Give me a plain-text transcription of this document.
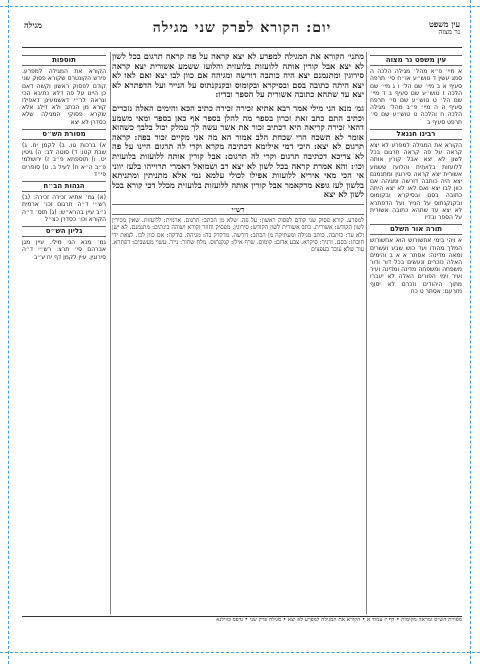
עין משפט
נר מצוה
יום: הקורא לפרק שני מגילה
מגילה
עין משפט נר מצוה
א מיי׳ פ״א מהל׳ מגילה הלכה ה סמג עשין ד טוש״ע או״ח סי׳ תרפה סעיף א ב מיי׳ שם הל׳ ו ג מיי׳ שם הלכה ז טוש״ע שם סעיף ב ד מיי׳ שם הל׳ ט טוש״ע שם סי׳ תרפח סעיף ה ה מיי׳ פ״ב מהל׳ מגילה הלכה ח והלכה ט טוש״ע שם סי׳ תרפט סעיף ב
רבינו חננאל
הקורא את המגילה למפרע לא יצא קראה על פה קראה תרגום בכל לשון לא יצא אבל קורין אותה ללועזות בלועזית והלועז ששמע אשורית יצא קראה סירוגין ומתנמנם יצא היה כותבה דורשה ומגיהה אם כוון לבו יצא ואם לאו לא יצא היתה כתובה בסם ובסיקרא ובקומוס ובקנקנתוס על הנייר ועל הדפתרא לא יצא עד שתהא כתובה אשורית על הספר ובדיו
תורה אור השלם
א ויהי בימי אחשורוש הוא אחשורוש המלך מהודו ועד כוש שבע ועשרים ומאה מדינה: אסתר א א ב והימים האלה נזכרים ונעשים בכל דור ודור משפחה ומשפחה מדינה ומדינה ועיר ועיר וימי הפורים האלה לא יעברו מתוך היהודים וזכרם לא יסוף מזרעם: אסתר ט כח
מתני׳ הקורא את המגילה למפרע לא יצא קראה על פה קראה תרגום בכל לשון לא יצא אבל קורין אותה ללועזות בלועזית והלועז ששמע אשורית יצא קראה סירוגין ומתנמנם יצא היה כותבה דורשה ומגיהה אם כוון לבו יצא ואם לאו לא יצא היתה כתובה בסם ובסיקרא ובקומוס ובקנקנתוס על הנייר ועל הדפתרא לא יצא עד שתהא כתובה אשורית על הספר ובדיו:
גמ׳ מנא הני מילי אמר רבא אתיא זכירה זכירה כתיב הכא והימים האלה נזכרים וכתיב התם כתב זאת זכרון בספר מה להלן בספר אף כאן בספר ומאי משמע דהאי זכירה קריאה היא דכתיב זכור את אשר עשה לך עמלק יכול בלבך כשהוא אומר לא תשכח הרי שכחת הלב אמור הא מה אני מקיים זכור בפה: קראה תרגום לא יצא: היכי דמי אילימא דכתיבה מקרא וקרי לה תרגום היינו על פה לא צריכא דכתיבה תרגום וקרי לה תרגום: אבל קורין אותה ללועזות בלועזית וכו׳: והא אמרת קראה בכל לשון לא יצא רב ושמואל דאמרי תרוייהו בלעז יווני אי הכי מאי איריא ללועזות אפילו לכולי עלמא נמי אלא מתניתין ומתניתא בלשון לעז גופא מדקאמר אבל קורין אותה ללועזות בלועזית מכלל דכי קורא בכל לשון לא יצא
רש״י
למפרע. קורא פסוק שני קודם לפסוק ראשון: על פה. שלא מן הכתב: תרגום. ארמית: ללועזות. שאין מכירין לשון הקודש: אשורית. כתב אשורית לשון הקודש: סירוגין. מפסיק וחוזר וקורא ושוהה בינתים: מתנמנם. לא ישן ולא ער: כותבה. כותב מגילה ומעתיקה מן הכתב: דורשה. מדקדק בה: מגיהה. בודקה: אם כוון לבו. לצאת ידי חובתו: בסם. זרניך: סיקרא. צבע אדום: קומוס. שרף אילן: קנקנתוס. מלח שחור: נייר. עשוי מעשבים: דפתרא. עור שלא עובד בעפצים
תוספות
הקורא את המגילה למפרע. פירש הקונטרס שקורא פסוק שני קודם לפסוק ראשון וקשה דאם כן היינו על פה דלא כתיבא הכי ונראה לר״י דאשמעינן דאפילו קורא מן הכתב ולא דילג אלא שקרא פסוקי המגילה שלא כסדרן לא יצא
מסורת הש״ס
א) ברכות טו. ב) לקמן יח. ג) שבת קטו: ד) סוטה לב: ה) גיטין יט. ו) תוספתא פ״ב ז) ירושלמי פ״ב ה״א ח) לעיל ב. ט) סופרים פי״ד
הגהות הב״ח
(א) גמ׳ אתיא זכירה זכירה: (ב) רש״י ד״ה תרגום וכו׳ ארמית נ״ב עיין בהרא״ש: (ג) תוס׳ ד״ה הקורא וכו׳ כסדרן כצ״ל
גליון הש״ס
גמ׳ מנא הני מילי. עיין מגן אברהם סי׳ תרצ: רש״י ד״ה סירוגין. עיין לקמן דף יח ע״ב
מסורת הש״ס ומראה מקומות • דף יז עמוד א • הקורא את המגילה למפרע לא יצא • מגילה פרק שני • נדפס בווילנא
